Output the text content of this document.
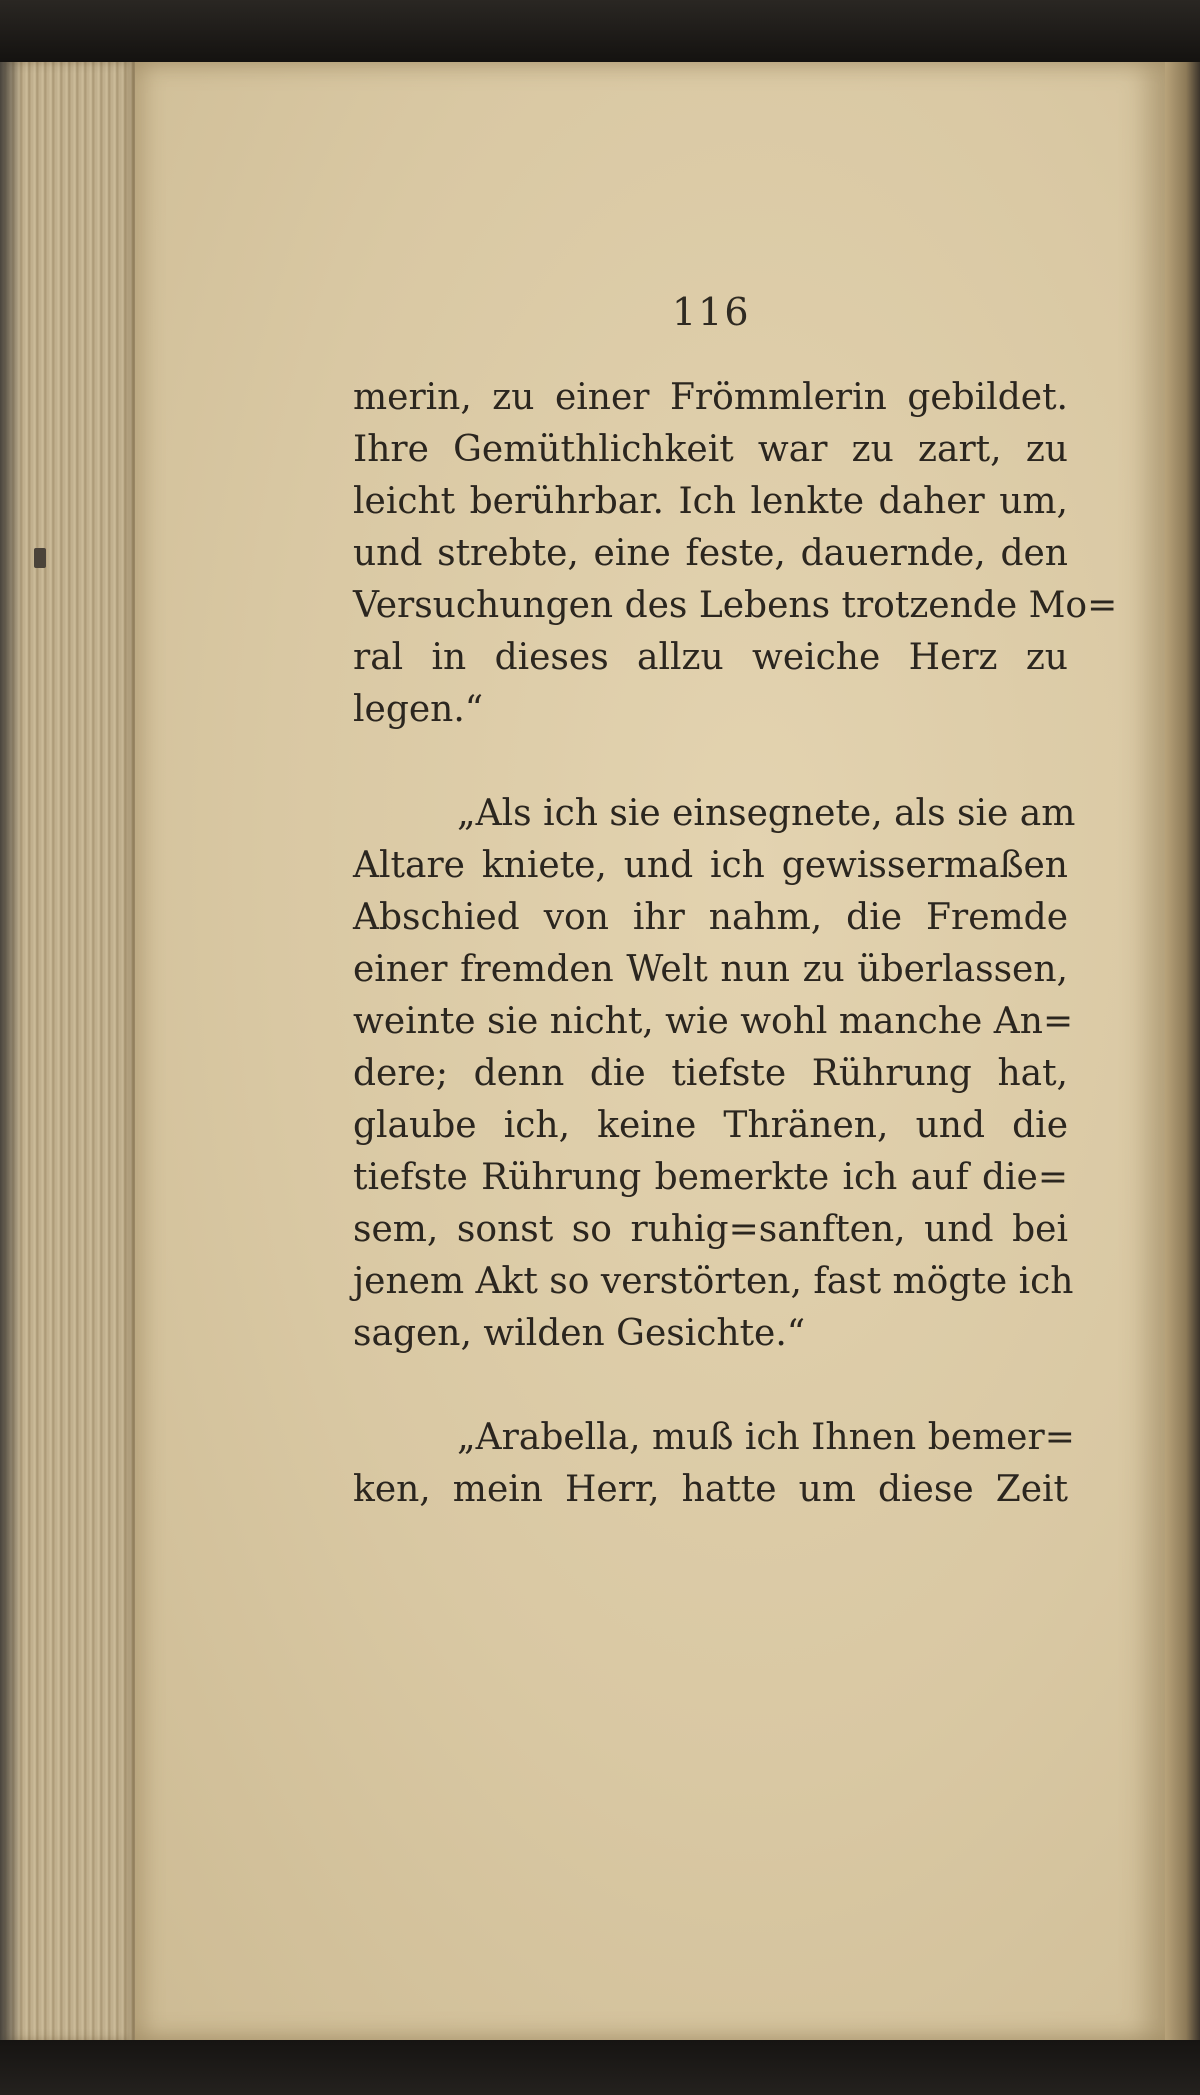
116
merin, zu einer Frömmlerin gebildet.
Ihre Gemüthlichkeit war zu zart, zu
leicht berührbar. Ich lenkte daher um,
und strebte, eine feste, dauernde, den
Versuchungen des Lebens trotzende Mo=
ral in dieses allzu weiche Herz zu
legen.“
„Als ich sie einsegnete, als sie am
Altare kniete, und ich gewissermaßen
Abschied von ihr nahm, die Fremde
einer fremden Welt nun zu überlassen,
weinte sie nicht, wie wohl manche An=
dere; denn die tiefste Rührung hat,
glaube ich, keine Thränen, und die
tiefste Rührung bemerkte ich auf die=
sem, sonst so ruhig=sanften, und bei
jenem Akt so verstörten, fast mögte ich
sagen, wilden Gesichte.“
„Arabella, muß ich Ihnen bemer=
ken, mein Herr, hatte um diese Zeit
